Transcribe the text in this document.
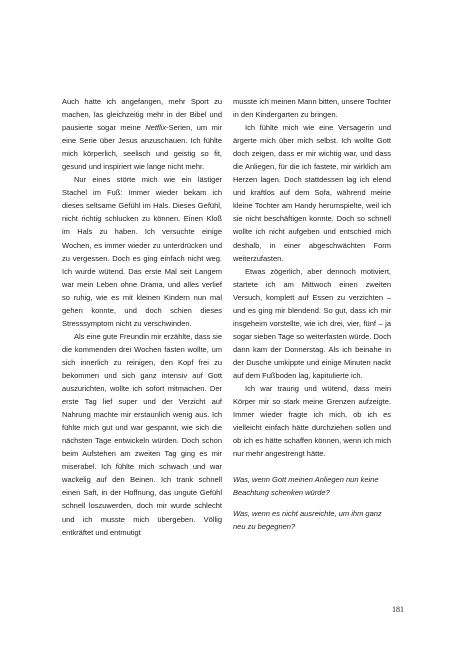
Auch hatte ich angefangen, mehr Sport zu machen, las gleichzeitig mehr in der Bibel und pausierte sogar meine Netflix-Serien, um mir eine Serie über Jesus anzuschauen. Ich fühlte mich körperlich, seelisch und geistig so fit, gesund und inspiriert wie lange nicht mehr.

Nur eines störte mich wie ein lästiger Stachel im Fuß: Immer wieder bekam ich dieses seltsame Gefühl im Hals. Dieses Gefühl, nicht richtig schlucken zu können. Einen Kloß im Hals zu haben. Ich versuchte einige Wochen, es immer wieder zu unterdrücken und zu vergessen. Doch es ging einfach nicht weg. Ich wurde wütend. Das erste Mal seit Langem war mein Leben ohne Drama, und alles verlief so ruhig, wie es mit kleinen Kindern nun mal gehen konnte, und doch schien dieses Stresssymptom nicht zu verschwinden.

Als eine gute Freundin mir erzählte, dass sie die kommenden drei Wochen fasten wollte, um sich innerlich zu reinigen, den Kopf frei zu bekommen und sich ganz intensiv auf Gott auszurichten, wollte ich sofort mitmachen. Der erste Tag lief super und der Verzicht auf Nahrung machte mir erstaunlich wenig aus. Ich fühlte mich gut und war gespannt, wie sich die nächsten Tage entwickeln würden. Doch schon beim Aufstehen am zweiten Tag ging es mir miserabel. Ich fühlte mich schwach und war wackelig auf den Beinen. Ich trank schnell einen Saft, in der Hoffnung, das ungute Gefühl schnell loszuwerden, doch mir wurde schlecht und ich musste mich übergeben. Völlig entkräftet und entmutigt

musste ich meinen Mann bitten, unsere Tochter in den Kindergarten zu bringen.

Ich fühlte mich wie eine Versagerin und ärgerte mich über mich selbst. Ich wollte Gott doch zeigen, dass er mir wichtig war, und dass die Anliegen, für die ich fastete, mir wirklich am Herzen lagen. Doch stattdessen lag ich elend und kraftlos auf dem Sofa, während meine kleine Tochter am Handy herumspielte, weil ich sie nicht beschäftigen konnte. Doch so schnell wollte ich nicht aufgeben und entschied mich deshalb, in einer abgeschwächten Form weiterzufasten.

Etwas zögerlich, aber dennoch motiviert, startete ich am Mittwoch einen zweiten Versuch, komplett auf Essen zu verzichten – und es ging mir blendend. So gut, dass ich mir insgeheim vorstellte, wie ich drei, vier, fünf – ja sogar sieben Tage so weiterfasten würde. Doch dann kam der Donnerstag. Als ich beinahe in der Dusche umkippte und einige Minuten nackt auf dem Fußboden lag, kapitulierte ich.

Ich war traurig und wütend, dass mein Körper mir so stark meine Grenzen aufzeigte. Immer wieder fragte ich mich, ob ich es vielleicht einfach hätte durchziehen sollen und ob ich es hätte schaffen können, wenn ich mich nur mehr angestrengt hätte.

Was, wenn Gott meinen Anliegen nun keine Beachtung schenken würde?

Was, wenn es nicht ausreichte, um ihm ganz neu zu begegnen?

181
